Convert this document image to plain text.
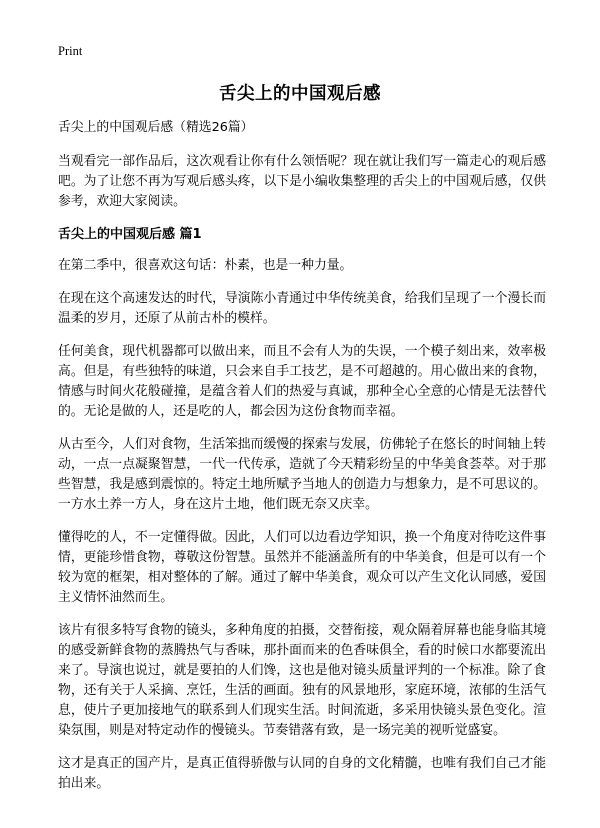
Print
舌尖上的中国观后感

舌尖上的中国观后感（精选26篇）

当观看完一部作品后，这次观看让你有什么领悟呢？现在就让我们写一篇走心的观后感吧。为了让您不再为写观后感头疼，以下是小编收集整理的舌尖上的中国观后感，仅供参考，欢迎大家阅读。

舌尖上的中国观后感 篇1

在第二季中，很喜欢这句话：朴素，也是一种力量。

在现在这个高速发达的时代，导演陈小青通过中华传统美食，给我们呈现了一个漫长而温柔的岁月，还原了从前古朴的模样。

任何美食，现代机器都可以做出来，而且不会有人为的失误，一个模子刻出来，效率极高。但是，有些独特的味道，只会来自手工技艺，是不可超越的。用心做出来的食物，情感与时间火花般碰撞，是蕴含着人们的热爱与真诚，那种全心全意的心情是无法替代的。无论是做的人，还是吃的人，都会因为这份食物而幸福。

从古至今，人们对食物，生活笨拙而缓慢的探索与发展，仿佛轮子在悠长的时间轴上转动，一点一点凝聚智慧，一代一代传承，造就了今天精彩纷呈的中华美食荟萃。对于那些智慧，我是感到震惊的。特定土地所赋予当地人的创造力与想象力，是不可思议的。一方水土养一方人，身在这片土地，他们既无奈又庆幸。

懂得吃的人，不一定懂得做。因此，人们可以边看边学知识，换一个角度对待吃这件事情，更能珍惜食物，尊敬这份智慧。虽然并不能涵盖所有的中华美食，但是可以有一个较为宽的框架，相对整体的了解。通过了解中华美食，观众可以产生文化认同感，爱国主义情怀油然而生。

该片有很多特写食物的镜头，多种角度的拍摄，交替衔接，观众隔着屏幕也能身临其境的感受新鲜食物的蒸腾热气与香味，那扑面而来的色香味俱全，看的时候口水都要流出来了。导演也说过，就是要拍的人们馋，这也是他对镜头质量评判的一个标准。除了食物，还有关于人采摘、烹饪，生活的画面。独有的风景地形，家庭环境，浓郁的生活气息，使片子更加接地气的联系到人们现实生活。时间流逝，多采用快镜头景色变化。渲染氛围，则是对特定动作的慢镜头。节奏错落有致，是一场完美的视听觉盛宴。

这才是真正的国产片，是真正值得骄傲与认同的自身的文化精髓，也唯有我们自己才能拍出来。
